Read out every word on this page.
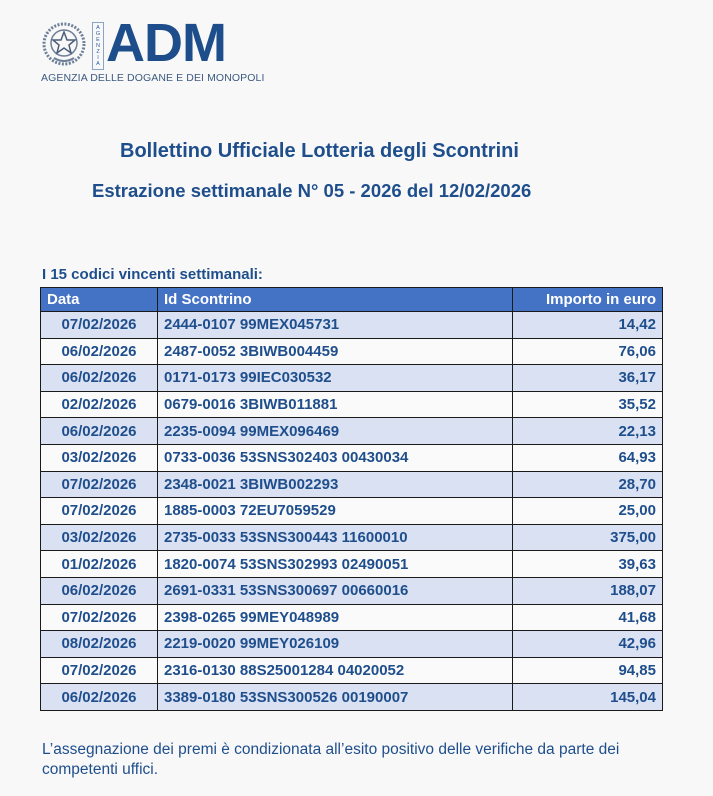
AGENZIA ADM
AGENZIA DELLE DOGANE E DEI MONOPOLI
Bollettino Ufficiale Lotteria degli Scontrini
Estrazione settimanale N° 05 - 2026 del 12/02/2026
I 15 codici vincenti settimanali:
Data	Id Scontrino	Importo in euro
07/02/2026	2444-0107 99MEX045731	14,42
06/02/2026	2487-0052 3BIWB004459	76,06
06/02/2026	0171-0173 99IEC030532	36,17
02/02/2026	0679-0016 3BIWB011881	35,52
06/02/2026	2235-0094 99MEX096469	22,13
03/02/2026	0733-0036 53SNS302403 00430034	64,93
07/02/2026	2348-0021 3BIWB002293	28,70
07/02/2026	1885-0003 72EU7059529	25,00
03/02/2026	2735-0033 53SNS300443 11600010	375,00
01/02/2026	1820-0074 53SNS302993 02490051	39,63
06/02/2026	2691-0331 53SNS300697 00660016	188,07
07/02/2026	2398-0265 99MEY048989	41,68
08/02/2026	2219-0020 99MEY026109	42,96
07/02/2026	2316-0130 88S25001284 04020052	94,85
06/02/2026	3389-0180 53SNS300526 00190007	145,04
L’assegnazione dei premi è condizionata all’esito positivo delle verifiche da parte dei competenti uffici.
